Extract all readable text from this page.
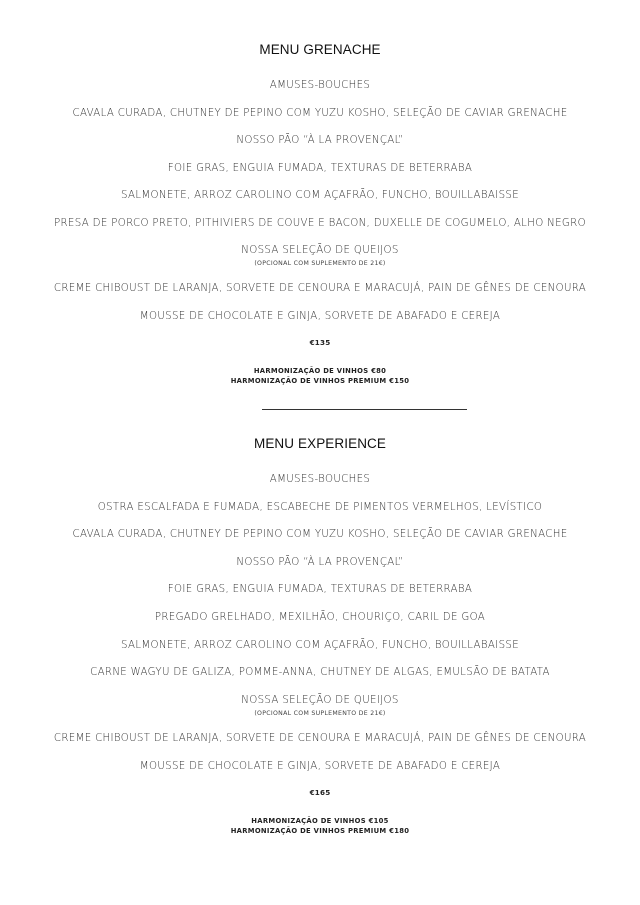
MENU GRENACHE
AMUSES-BOUCHES
CAVALA CURADA, CHUTNEY DE PEPINO COM YUZU KOSHO, SELEÇÃO DE CAVIAR GRENACHE
NOSSO PÃO “À LA PROVENÇAL”
FOIE GRAS, ENGUIA FUMADA, TEXTURAS DE BETERRABA
SALMONETE, ARROZ CAROLINO COM AÇAFRÃO, FUNCHO, BOUILLABAISSE
PRESA DE PORCO PRETO, PITHIVIERS DE COUVE E BACON, DUXELLE DE COGUMELO, ALHO NEGRO
NOSSA SELEÇÃO DE QUEIJOS
(OPCIONAL COM SUPLEMENTO DE 21€)
CREME CHIBOUST DE LARANJA, SORVETE DE CENOURA E MARACUJÁ, PAIN DE GÊNES DE CENOURA
MOUSSE DE CHOCOLATE E GINJA, SORVETE DE ABAFADO E CEREJA
€135
HARMONIZAÇÃO DE VINHOS €80
HARMONIZAÇÃO DE VINHOS PREMIUM €150
MENU EXPERIENCE
AMUSES-BOUCHES
OSTRA ESCALFADA E FUMADA, ESCABECHE DE PIMENTOS VERMELHOS, LEVÍSTICO
CAVALA CURADA, CHUTNEY DE PEPINO COM YUZU KOSHO, SELEÇÃO DE CAVIAR GRENACHE
NOSSO PÃO “À LA PROVENÇAL”
FOIE GRAS, ENGUIA FUMADA, TEXTURAS DE BETERRABA
PREGADO GRELHADO, MEXILHÃO, CHOURIÇO, CARIL DE GOA
SALMONETE, ARROZ CAROLINO COM AÇAFRÃO, FUNCHO, BOUILLABAISSE
CARNE WAGYU DE GALIZA, POMME-ANNA, CHUTNEY DE ALGAS, EMULSÃO DE BATATA
NOSSA SELEÇÃO DE QUEIJOS
(OPCIONAL COM SUPLEMENTO DE 21€)
CREME CHIBOUST DE LARANJA, SORVETE DE CENOURA E MARACUJÁ, PAIN DE GÊNES DE CENOURA
MOUSSE DE CHOCOLATE E GINJA, SORVETE DE ABAFADO E CEREJA
€165
HARMONIZAÇÃO DE VINHOS €105
HARMONIZAÇÃO DE VINHOS PREMIUM €180
